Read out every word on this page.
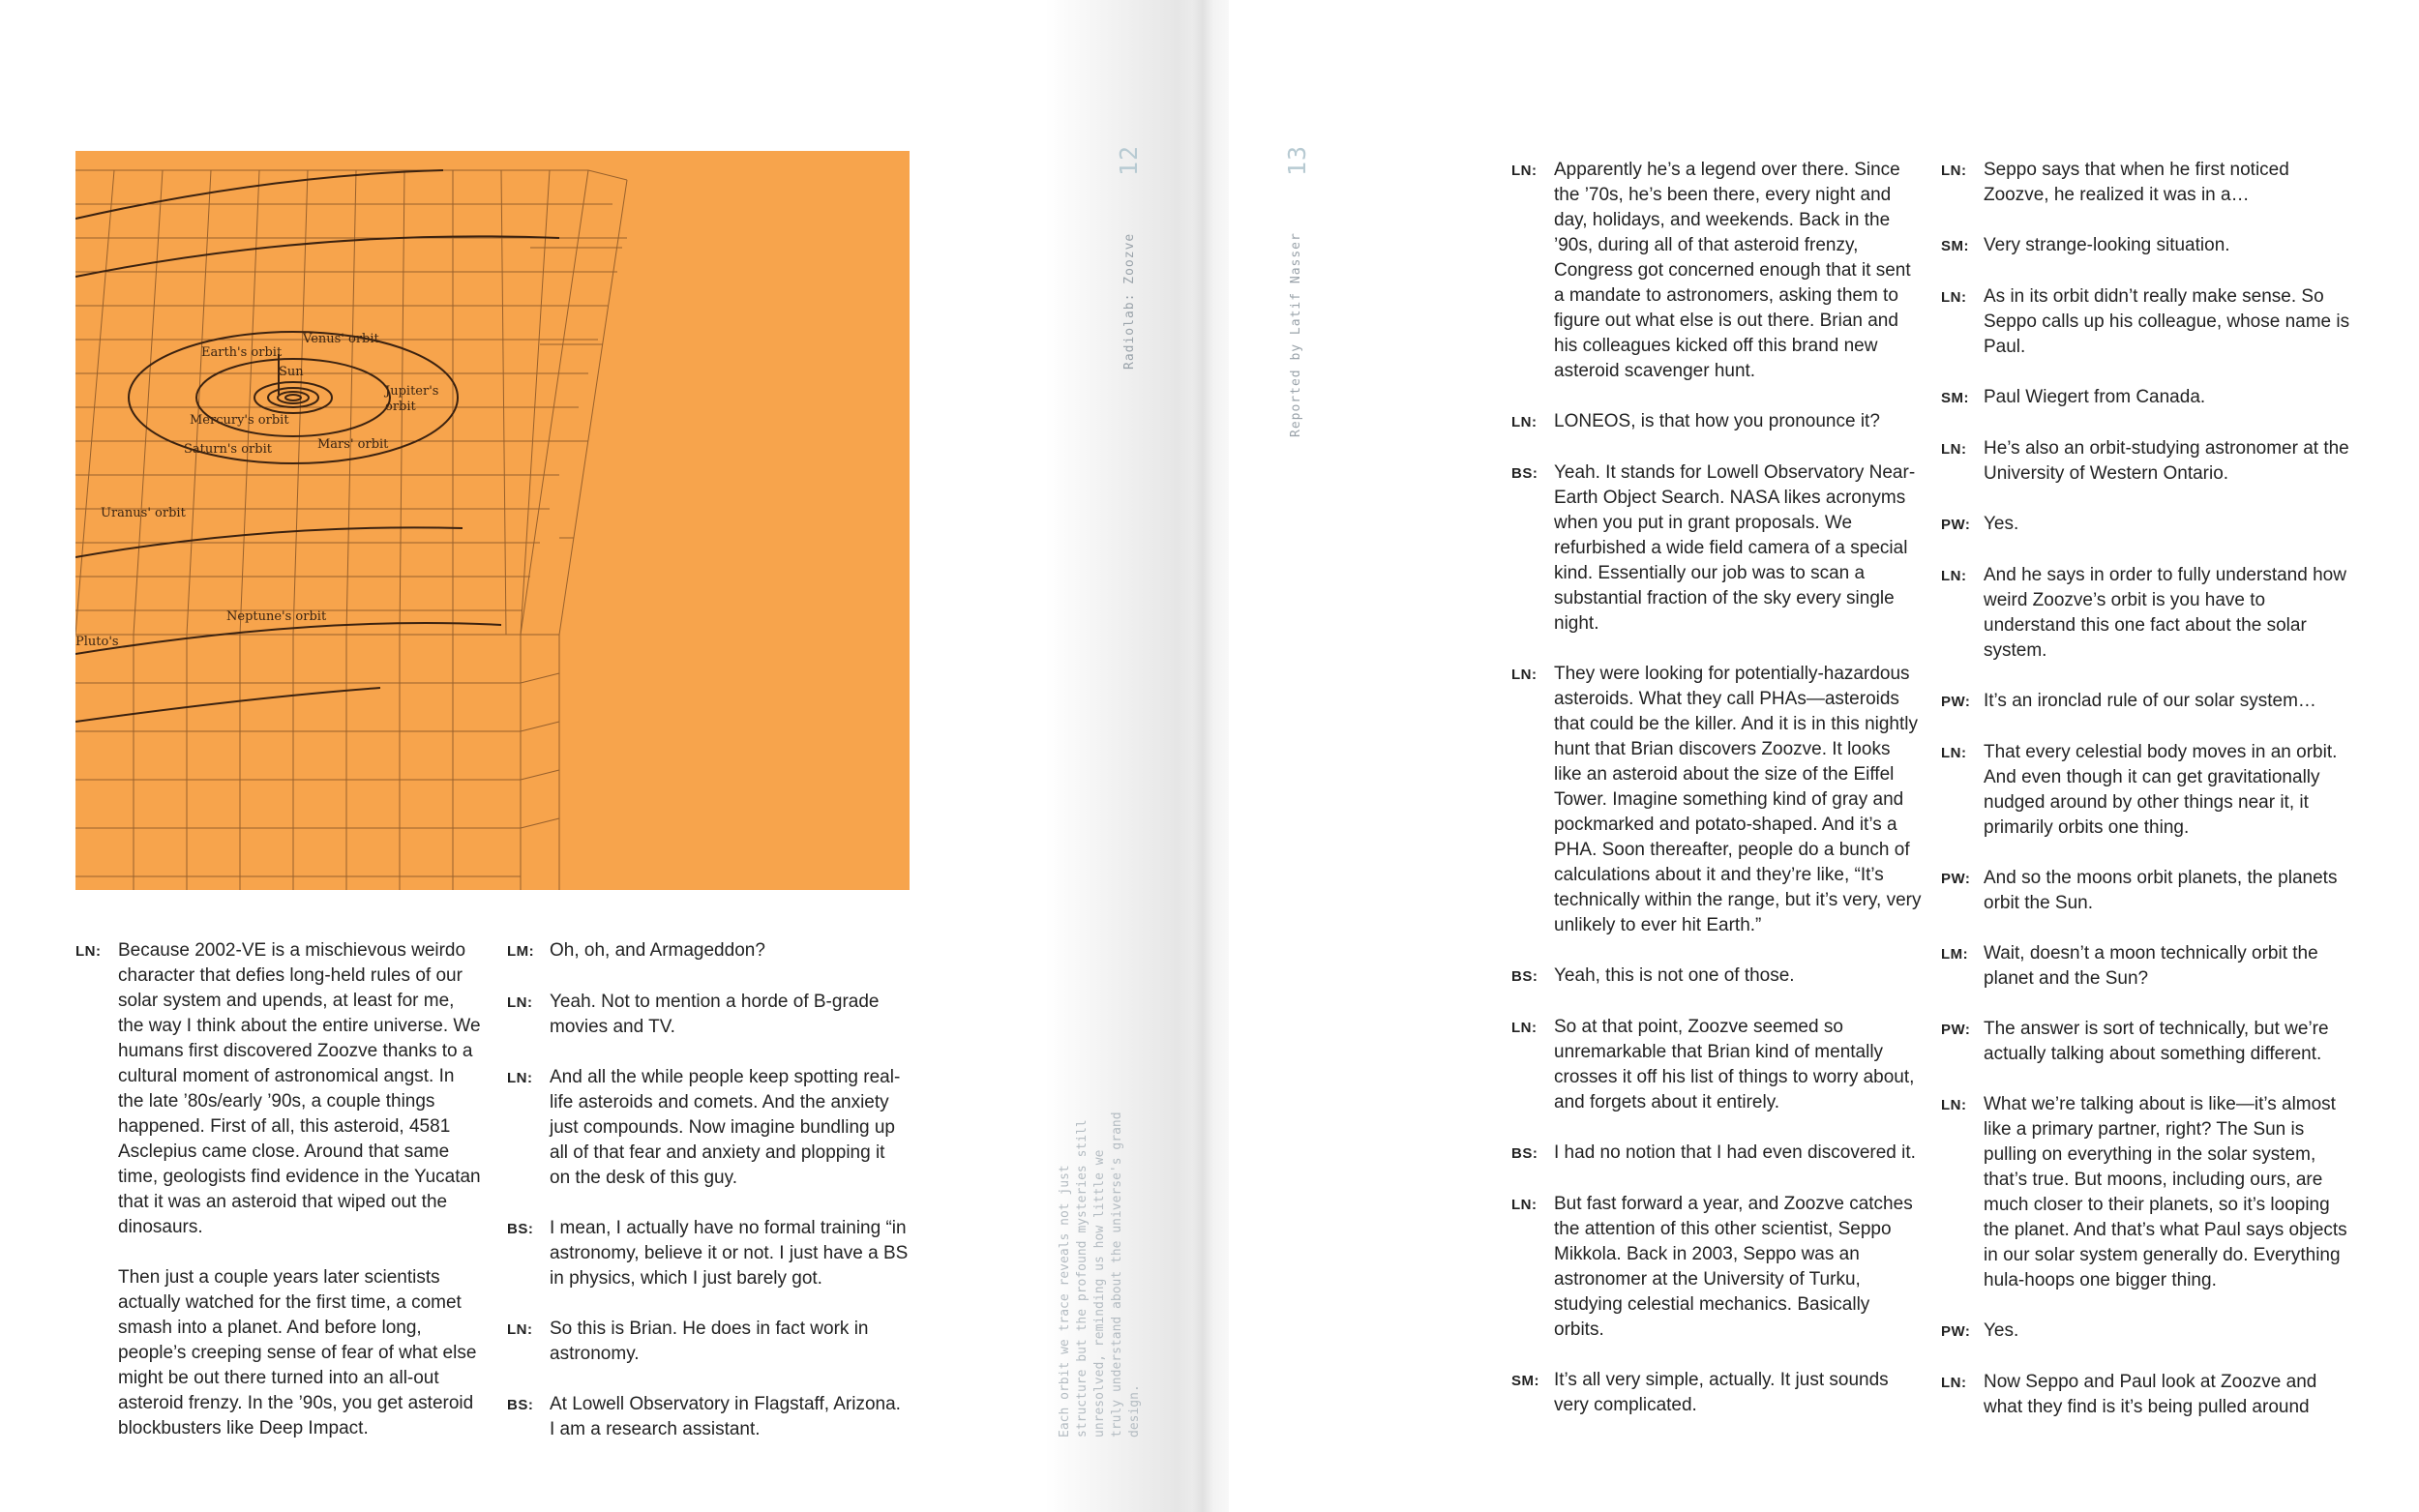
Earth's orbit
Venus' orbit
Sun
Jupiter's
orbit
Mercury's orbit
Mars' orbit
Saturn's orbit
Uranus' orbit
Neptune's orbit
Pluto's
LN: Because 2002-VE is a mischievous weirdo character that defies long-held rules of our solar system and upends, at least for me, the way I think about the entire universe. We humans first discovered Zoozve thanks to a cultural moment of astronomical angst. In the late ’80s/early ’90s, a couple things happened. First of all, this asteroid, 4581 Asclepius came close. Around that same time, geologists find evidence in the Yucatan that it was an asteroid that wiped out the dinosaurs.

Then just a couple years later scientists actually watched for the first time, a comet smash into a planet. And before long, people’s creeping sense of fear of what else might be out there turned into an all-out asteroid frenzy. In the ’90s, you get asteroid blockbusters like Deep Impact.

LM: Oh, oh, and Armageddon?
LN: Yeah. Not to mention a horde of B-grade movies and TV.
LN: And all the while people keep spotting real-life asteroids and comets. And the anxiety just compounds. Now imagine bundling up all of that fear and anxiety and plopping it on the desk of this guy.
BS: I mean, I actually have no formal training “in astronomy, believe it or not. I just have a BS in physics, which I just barely got.
LN: So this is Brian. He does in fact work in astronomy.
BS: At Lowell Observatory in Flagstaff, Arizona. I am a research assistant.
12
Radiolab: Zoozve
Each orbit we trace reveals not just structure but the profound mysteries still unresolved, reminding us how little we truly understand about the universe's grand design.
13
Reported by Latif Nasser
LN: Apparently he’s a legend over there. Since the ’70s, he’s been there, every night and day, holidays, and weekends. Back in the ’90s, during all of that asteroid frenzy, Congress got concerned enough that it sent a mandate to astronomers, asking them to figure out what else is out there. Brian and his colleagues kicked off this brand new asteroid scavenger hunt.
LN: LONEOS, is that how you pronounce it?
BS: Yeah. It stands for Lowell Observatory Near-Earth Object Search. NASA likes acronyms when you put in grant proposals. We refurbished a wide field camera of a special kind. Essentially our job was to scan a substantial fraction of the sky every single night.
LN: They were looking for potentially-hazardous asteroids. What they call PHAs—asteroids that could be the killer. And it is in this nightly hunt that Brian discovers Zoozve. It looks like an asteroid about the size of the Eiffel Tower. Imagine something kind of gray and pockmarked and potato-shaped. And it’s a PHA. Soon thereafter, people do a bunch of calculations about it and they’re like, “It’s technically within the range, but it’s very, very unlikely to ever hit Earth.”
BS: Yeah, this is not one of those.
LN: So at that point, Zoozve seemed so unremarkable that Brian kind of mentally crosses it off his list of things to worry about, and forgets about it entirely.
BS: I had no notion that I had even discovered it.
LN: But fast forward a year, and Zoozve catches the attention of this other scientist, Seppo Mikkola. Back in 2003, Seppo was an astronomer at the University of Turku, studying celestial mechanics. Basically orbits.
SM: It’s all very simple, actually. It just sounds very complicated.
LN: Seppo says that when he first noticed Zoozve, he realized it was in a…
SM: Very strange-looking situation.
LN: As in its orbit didn’t really make sense. So Seppo calls up his colleague, whose name is Paul.
SM: Paul Wiegert from Canada.
LN: He’s also an orbit-studying astronomer at the University of Western Ontario.
PW: Yes.
LN: And he says in order to fully understand how weird Zoozve’s orbit is you have to understand this one fact about the solar system.
PW: It’s an ironclad rule of our solar system…
LN: That every celestial body moves in an orbit. And even though it can get gravitationally nudged around by other things near it, it primarily orbits one thing.
PW: And so the moons orbit planets, the planets orbit the Sun.
LM: Wait, doesn’t a moon technically orbit the planet and the Sun?
PW: The answer is sort of technically, but we’re actually talking about something different.
LN: What we’re talking about is like—it’s almost like a primary partner, right? The Sun is pulling on everything in the solar system, that’s true. But moons, including ours, are much closer to their planets, so it’s looping the planet. And that’s what Paul says objects in our solar system generally do. Everything hula-hoops one bigger thing.
PW: Yes.
LN: Now Seppo and Paul look at Zoozve and what they find is it’s being pulled around
